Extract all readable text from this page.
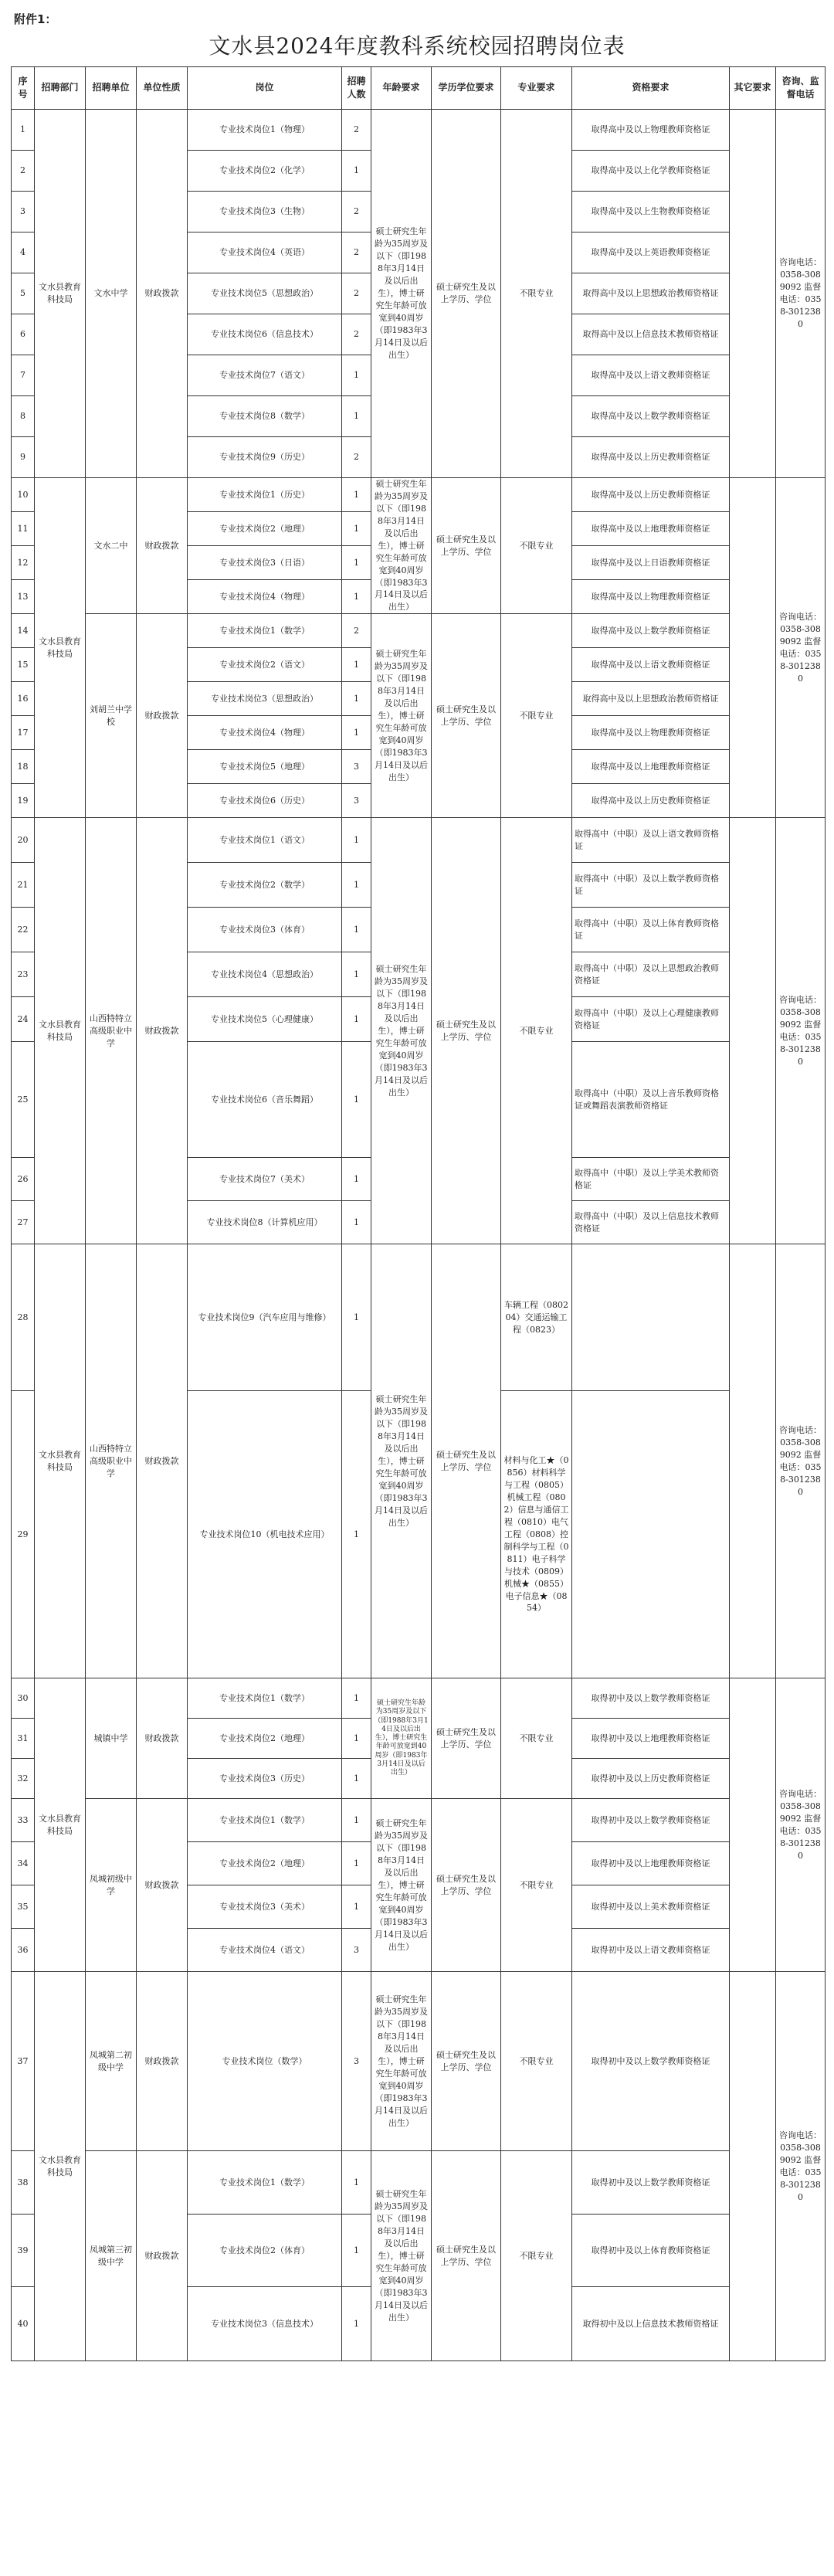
附件1：
文水县2024年度教科系统校园招聘岗位表
序号	招聘部门	招聘单位	单位性质	岗位	招聘人数	年龄要求	学历学位要求	专业要求	资格要求	其它要求	咨询、监督电话
1	文水县教育科技局	文水中学	财政拨款	专业技术岗位1（物理）	2	硕士研究生年龄为35周岁及以下（即1988年3月14日及以后出生），博士研究生年龄可放宽到40周岁（即1983年3月14日及以后出生）	硕士研究生及以上学历、学位	不限专业	取得高中及以上物理教师资格证		咨询电话：0358-3089092 监督电话：0358-3012380
2				专业技术岗位2（化学）	1				取得高中及以上化学教师资格证		
3				专业技术岗位3（生物）	2				取得高中及以上生物教师资格证		
4				专业技术岗位4（英语）	2				取得高中及以上英语教师资格证		
5				专业技术岗位5（思想政治）	2				取得高中及以上思想政治教师资格证		
6				专业技术岗位6（信息技术）	2				取得高中及以上信息技术教师资格证		
7				专业技术岗位7（语文）	1				取得高中及以上语文教师资格证		
8				专业技术岗位8（数学）	1				取得高中及以上数学教师资格证		
9				专业技术岗位9（历史）	2				取得高中及以上历史教师资格证		
10	文水县教育科技局	文水二中	财政拨款	专业技术岗位1（历史）	1	硕士研究生年龄为35周岁及以下（即1988年3月14日及以后出生），博士研究生年龄可放宽到40周岁（即1983年3月14日及以后出生）	硕士研究生及以上学历、学位	不限专业	取得高中及以上历史教师资格证		咨询电话：0358-3089092 监督电话：0358-3012380
11				专业技术岗位2（地理）	1				取得高中及以上地理教师资格证		
12				专业技术岗位3（日语）	1				取得高中及以上日语教师资格证		
13				专业技术岗位4（物理）	1				取得高中及以上物理教师资格证		
14		刘胡兰中学校	财政拨款	专业技术岗位1（数学）	2	硕士研究生年龄为35周岁及以下（即1988年3月14日及以后出生），博士研究生年龄可放宽到40周岁（即1983年3月14日及以后出生）	硕士研究生及以上学历、学位	不限专业	取得高中及以上数学教师资格证		
15				专业技术岗位2（语文）	1				取得高中及以上语文教师资格证		
16				专业技术岗位3（思想政治）	1				取得高中及以上思想政治教师资格证		
17				专业技术岗位4（物理）	1				取得高中及以上物理教师资格证		
18				专业技术岗位5（地理）	3				取得高中及以上地理教师资格证		
19				专业技术岗位6（历史）	3				取得高中及以上历史教师资格证		
20	文水县教育科技局	山西特特立高级职业中学	财政拨款	专业技术岗位1（语文）	1	硕士研究生年龄为35周岁及以下（即1988年3月14日及以后出生），博士研究生年龄可放宽到40周岁（即1983年3月14日及以后出生）	硕士研究生及以上学历、学位	不限专业	取得高中（中职）及以上语文教师资格证		咨询电话：0358-3089092 监督电话：0358-3012380
21				专业技术岗位2（数学）	1				取得高中（中职）及以上数学教师资格证		
22				专业技术岗位3（体育）	1				取得高中（中职）及以上体育教师资格证		
23				专业技术岗位4（思想政治）	1				取得高中（中职）及以上思想政治教师资格证		
24				专业技术岗位5（心理健康）	1				取得高中（中职）及以上心理健康教师资格证		
25				专业技术岗位6（音乐舞蹈）	1				取得高中（中职）及以上音乐教师资格证或舞蹈表演教师资格证		
26				专业技术岗位7（美术）	1				取得高中（中职）及以上学美术教师资格证		
27				专业技术岗位8（计算机应用）	1				取得高中（中职）及以上信息技术教师资格证		
28	文水县教育科技局	山西特特立高级职业中学	财政拨款	专业技术岗位9（汽车应用与维修）	1	硕士研究生年龄为35周岁及以下（即1988年3月14日及以后出生），博士研究生年龄可放宽到40周岁（即1983年3月14日及以后出生）	硕士研究生及以上学历、学位	车辆工程（080204）交通运输工程（0823）			咨询电话：0358-3089092 监督电话：0358-3012380
29				专业技术岗位10（机电技术应用）	1			材料与化工★（0856）材料科学与工程（0805）机械工程（0802）信息与通信工程（0810）电气工程（0808）控制科学与工程（0811）电子科学与技术（0809）机械★（0855）电子信息★（0854）			
30	文水县教育科技局	城镇中学	财政拨款	专业技术岗位1（数学）	1	硕士研究生年龄为35周岁及以下（即1988年3月14日及以后出生），博士研究生年龄可放宽到40周岁（即1983年3月14日及以后出生）	硕士研究生及以上学历、学位	不限专业	取得初中及以上数学教师资格证		咨询电话：0358-3089092 监督电话：0358-3012380
31				专业技术岗位2（地理）	1				取得初中及以上地理教师资格证		
32				专业技术岗位3（历史）	1				取得初中及以上历史教师资格证		
33		凤城初级中学	财政拨款	专业技术岗位1（数学）	1	硕士研究生年龄为35周岁及以下（即1988年3月14日及以后出生），博士研究生年龄可放宽到40周岁（即1983年3月14日及以后出生）	硕士研究生及以上学历、学位	不限专业	取得初中及以上数学教师资格证		
34				专业技术岗位2（地理）	1				取得初中及以上地理教师资格证		
35				专业技术岗位3（美术）	1				取得初中及以上美术教师资格证		
36				专业技术岗位4（语文）	3				取得初中及以上语文教师资格证		
37	文水县教育科技局	凤城第二初级中学	财政拨款	专业技术岗位（数学）	3	硕士研究生年龄为35周岁及以下（即1988年3月14日及以后出生），博士研究生年龄可放宽到40周岁（即1983年3月14日及以后出生）	硕士研究生及以上学历、学位	不限专业	取得初中及以上数学教师资格证		咨询电话：0358-3089092 监督电话：0358-3012380
38		凤城第三初级中学	财政拨款	专业技术岗位1（数学）	1	硕士研究生年龄为35周岁及以下（即1988年3月14日及以后出生），博士研究生年龄可放宽到40周岁（即1983年3月14日及以后出生）	硕士研究生及以上学历、学位	不限专业	取得初中及以上数学教师资格证		
39				专业技术岗位2（体育）	1				取得初中及以上体育教师资格证		
40				专业技术岗位3（信息技术）	1				取得初中及以上信息技术教师资格证		
